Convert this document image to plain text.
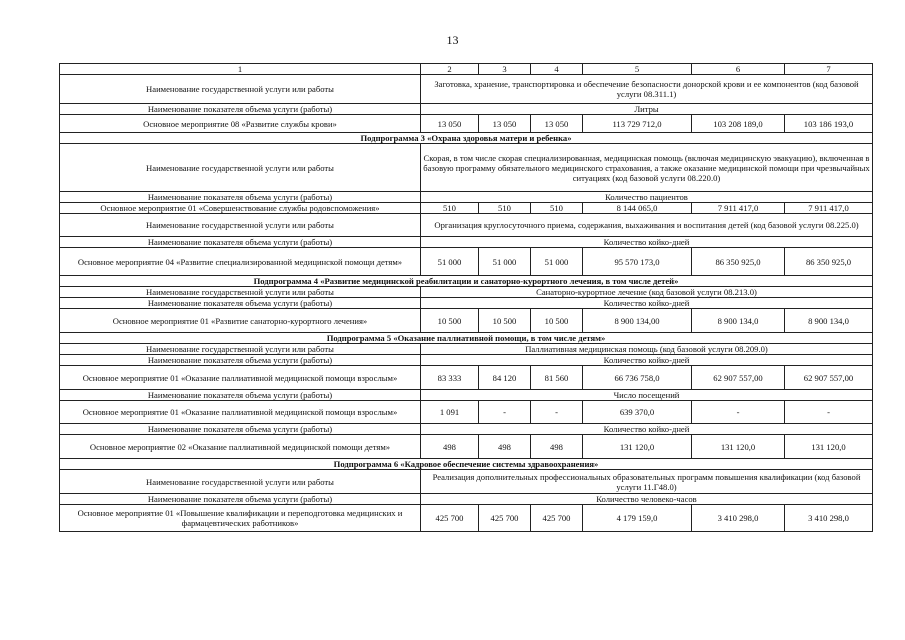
13
1	2	3	4	5	6	7
Наименование государственной услуги или работы	Заготовка, хранение, транспортировка и обеспечение безопасности донорской крови и ее компонентов (код базовой услуги 08.311.1)					
Наименование показателя объема услуги (работы)	Литры					
Основное мероприятие 08 «Развитие службы крови»	13 050	13 050	13 050	113 729 712,0	103 208 189,0	103 186 193,0
Подпрограмма 3 «Охрана здоровья матери и ребенка»						
Наименование государственной услуги или работы	Скорая, в том числе скорая специализированная, медицинская помощь (включая медицинскую эвакуацию), включенная в базовую программу обязательного медицинского страхования, а также оказание медицинской помощи при чрезвычайных ситуациях (код базовой услуги 08.220.0)					
Наименование показателя объема услуги (работы)	Количество пациентов					
Основное мероприятие 01 «Совершенствование службы родовспоможения»	510	510	510	8 144 065,0	7 911 417,0	7 911 417,0
Наименование государственной услуги или работы	Организация круглосуточного приема, содержания, выхаживания и воспитания детей (код базовой услуги 08.225.0)					
Наименование показателя объема услуги (работы)	Количество койко-дней					
Основное мероприятие 04 «Развитие специализированной медицинской помощи детям»	51 000	51 000	51 000	95 570 173,0	86 350 925,0	86 350 925,0
Подпрограмма 4 «Развитие медицинской реабилитации и санаторно-курортного лечения, в том числе детей»						
Наименование государственной услуги или работы	Санаторно-курортное лечение (код базовой услуги 08.213.0)					
Наименование показателя объема услуги (работы)	Количество койко-дней					
Основное мероприятие 01 «Развитие санаторно-курортного лечения»	10 500	10 500	10 500	8 900 134,00	8 900 134,0	8 900 134,0
Подпрограмма 5 «Оказание паллиативной помощи, в том числе детям»						
Наименование государственной услуги или работы	Паллиативная медицинская помощь (код базовой услуги 08.209.0)					
Наименование показателя объема услуги (работы)	Количество койко-дней					
Основное мероприятие 01 «Оказание паллиативной медицинской помощи взрослым»	83 333	84 120	81 560	66 736 758,0	62 907 557,00	62 907 557,00
Наименование показателя объема услуги (работы)	Число посещений					
Основное мероприятие 01 «Оказание паллиативной медицинской помощи взрослым»	1 091	-	-	639 370,0	-	-
Наименование показателя объема услуги (работы)	Количество койко-дней					
Основное мероприятие 02 «Оказание паллиативной медицинской помощи детям»	498	498	498	131 120,0	131 120,0	131 120,0
Подпрограмма 6 «Кадровое обеспечение системы здравоохранения»						
Наименование государственной услуги или работы	Реализация дополнительных профессиональных образовательных программ повышения квалификации (код базовой услуги 11.Г48.0)					
Наименование показателя объема услуги (работы)	Количество человеко-часов					
Основное мероприятие 01 «Повышение квалификации и переподготовка медицинских и фармацевтических работников»	425 700	425 700	425 700	4 179 159,0	3 410 298,0	3 410 298,0
